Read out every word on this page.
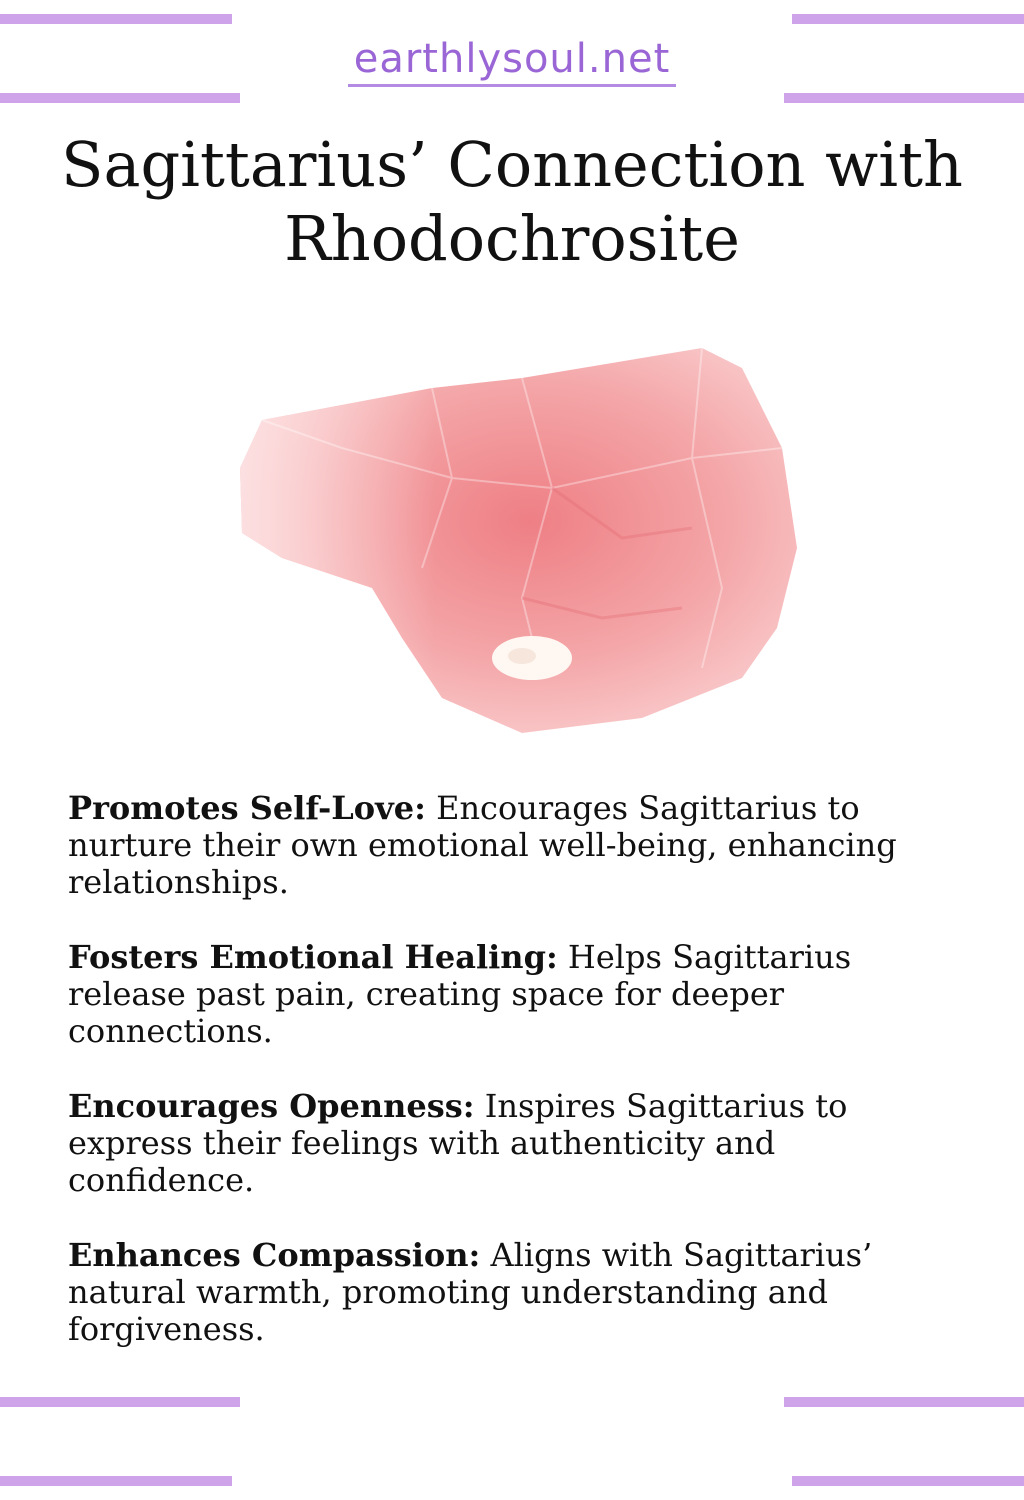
earthlysoul.net
Sagittarius’ Connection with Rhodochrosite

Promotes Self-Love: Encourages Sagittarius to nurture their own emotional well-being, enhancing relationships.

Fosters Emotional Healing: Helps Sagittarius release past pain, creating space for deeper connections.

Encourages Openness: Inspires Sagittarius to express their feelings with authenticity and confidence.

Enhances Compassion: Aligns with Sagittarius’ natural warmth, promoting understanding and forgiveness.
